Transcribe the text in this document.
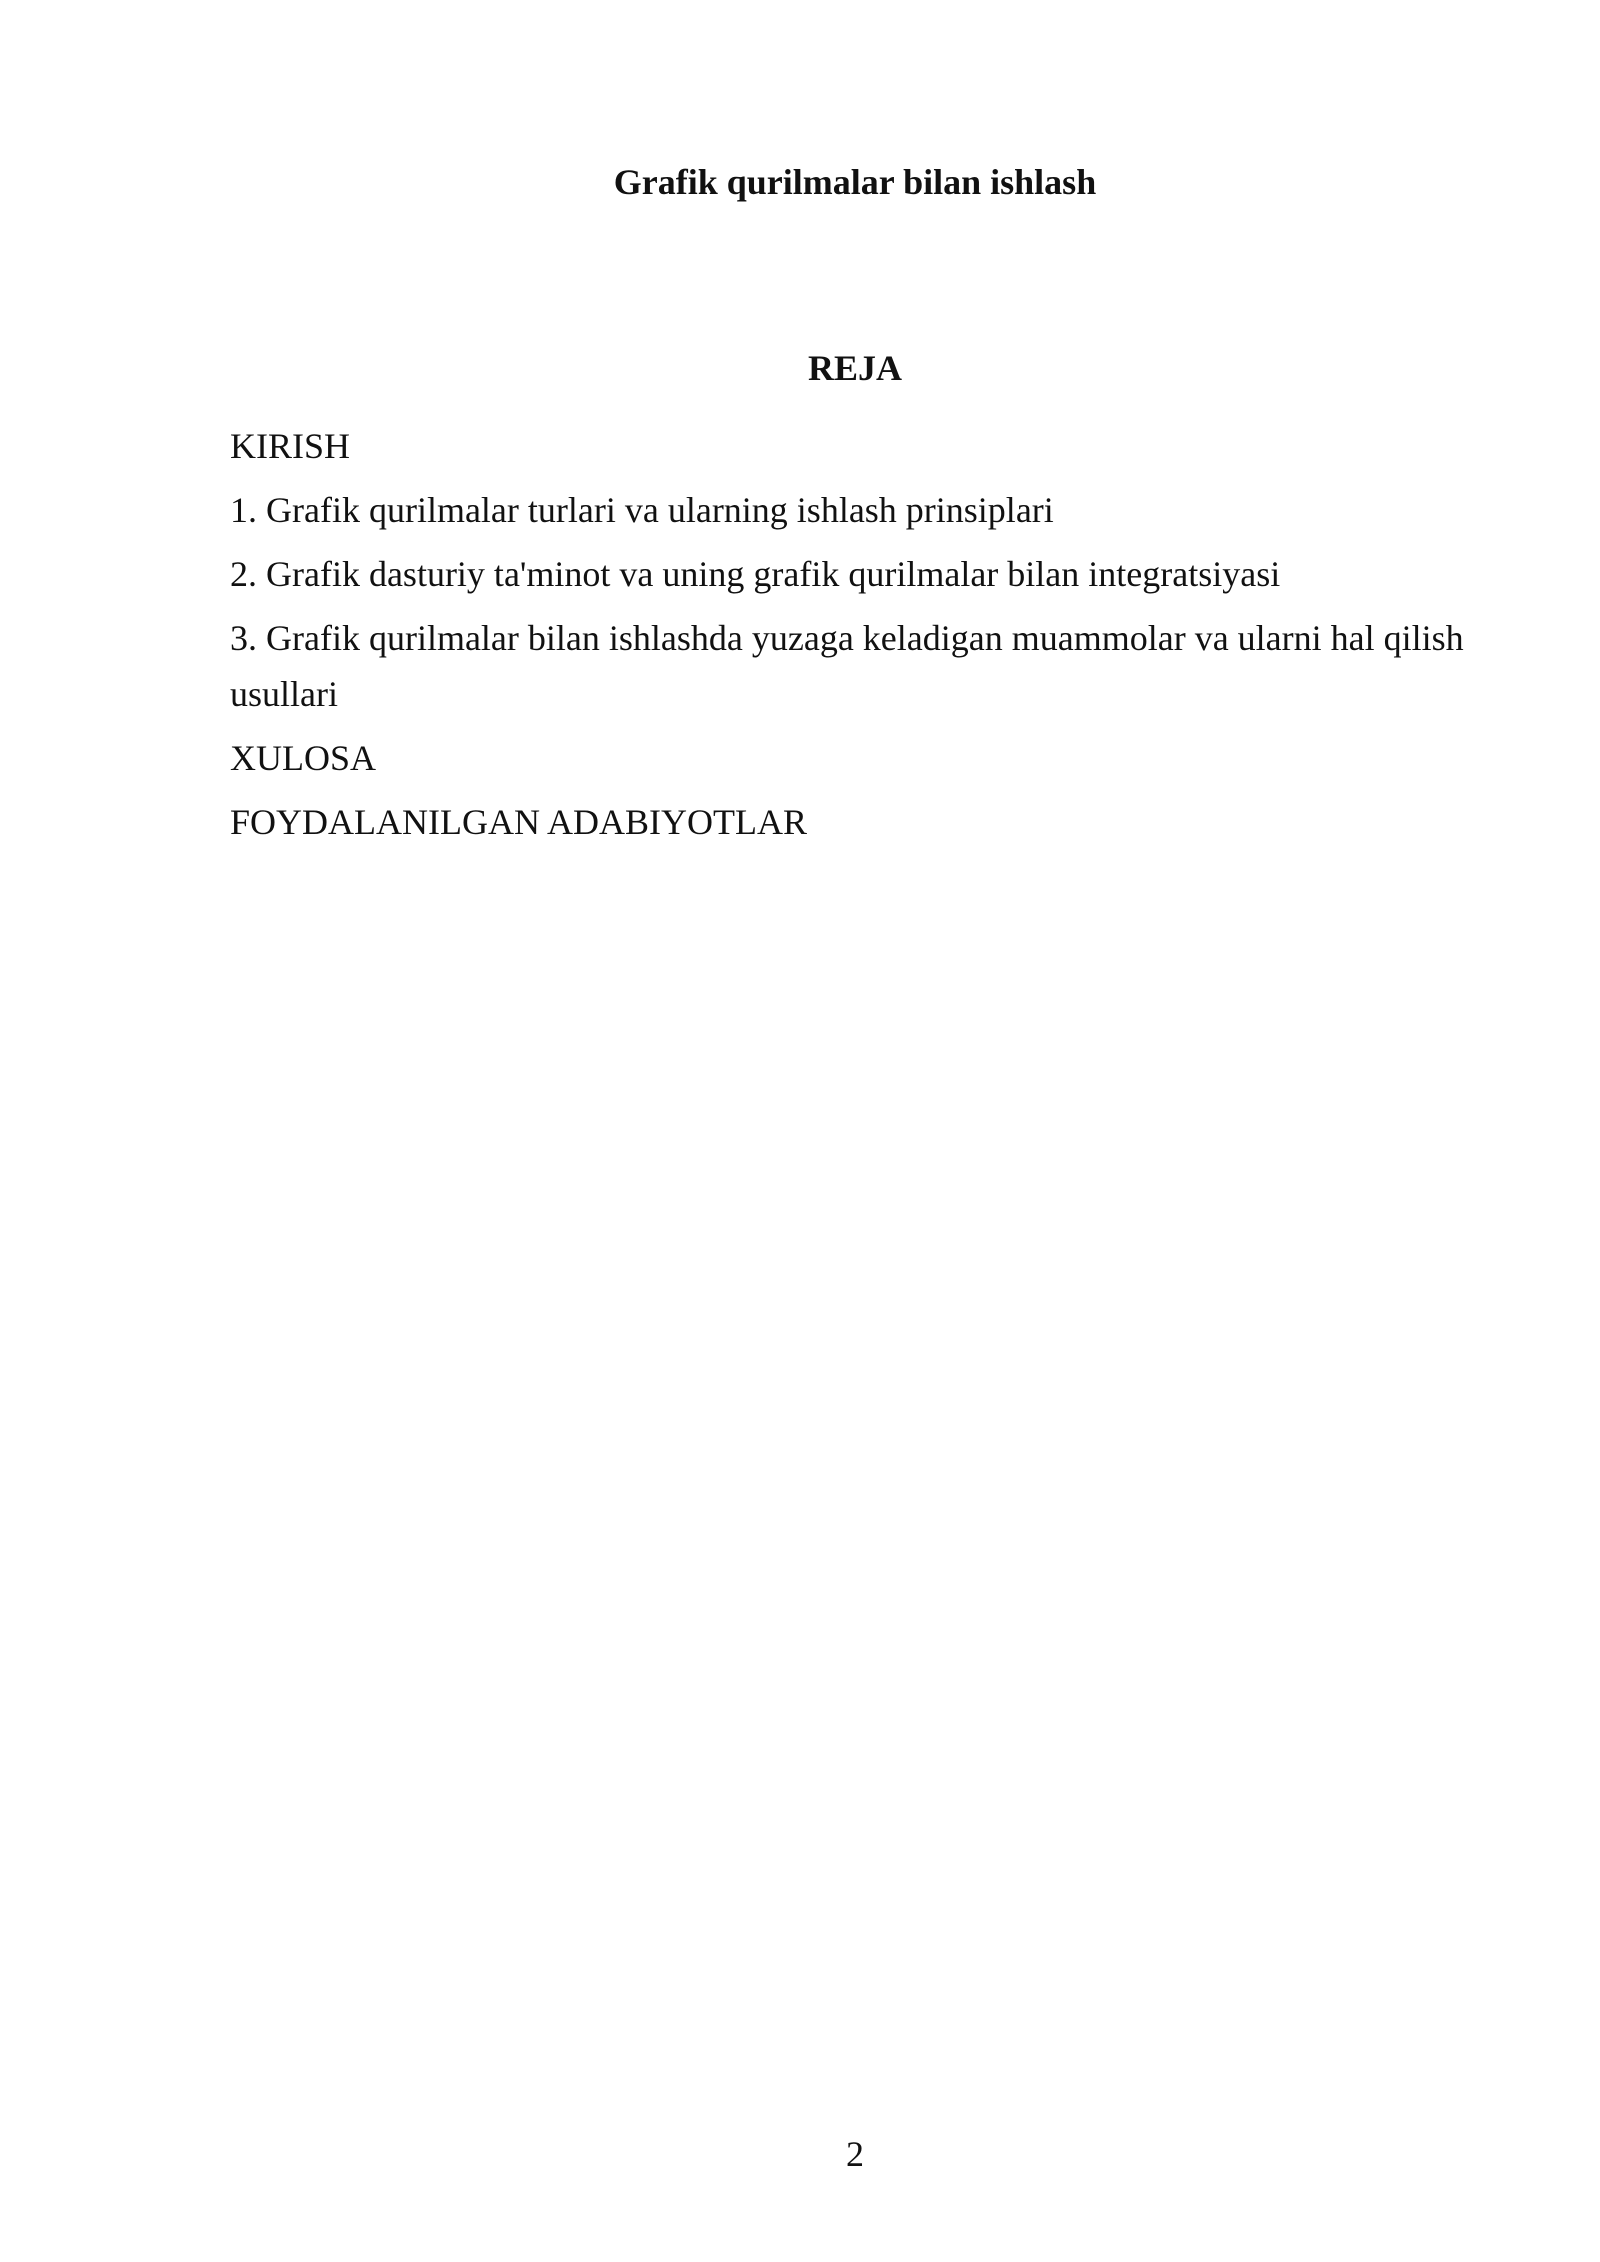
Grafik qurilmalar bilan ishlash
REJA
KIRISH
1. Grafik qurilmalar turlari va ularning ishlash prinsiplari
2. Grafik dasturiy ta'minot va uning grafik qurilmalar bilan integratsiyasi
3. Grafik qurilmalar bilan ishlashda yuzaga keladigan muammolar va ularni hal qilish usullari
XULOSA
FOYDALANILGAN ADABIYOTLAR
2
